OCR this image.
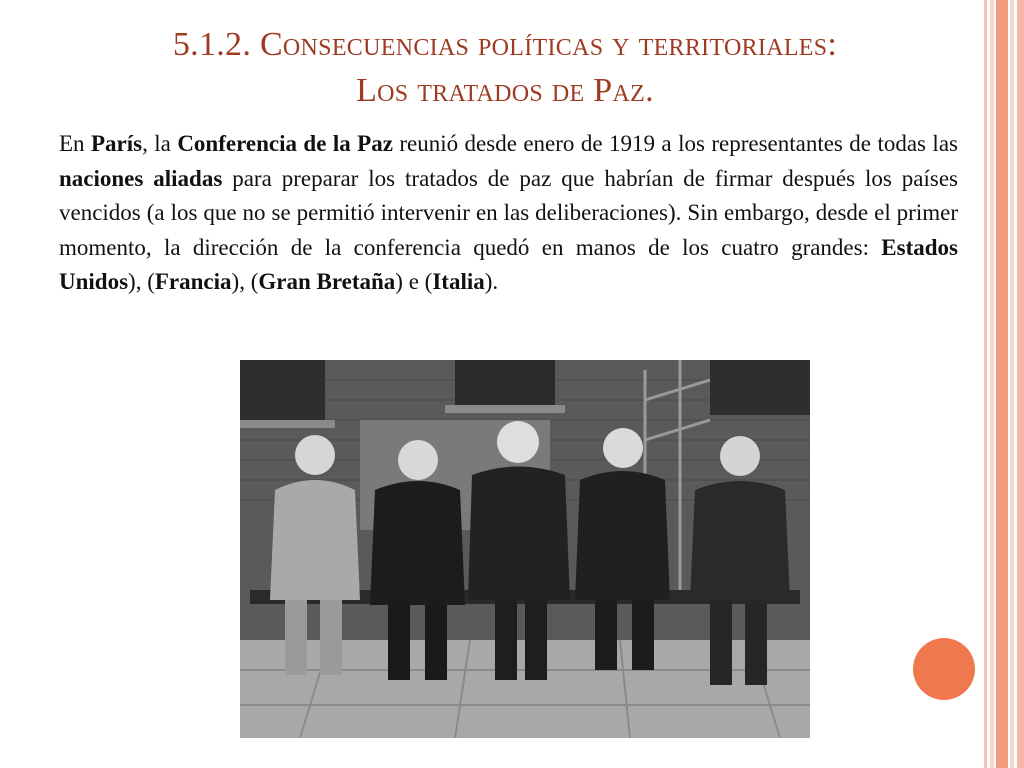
5.1.2. Consecuencias políticas y territoriales:
Los tratados de Paz.

En París, la Conferencia de la Paz reunió desde enero de 1919 a los representantes de todas las naciones aliadas para preparar los tratados de paz que habrían de firmar después los países vencidos (a los que no se permitió intervenir en las deliberaciones). Sin embargo, desde el primer momento, la dirección de la conferencia quedó en manos de los cuatro grandes: Estados Unidos), (Francia), (Gran Bretaña) e (Italia).
